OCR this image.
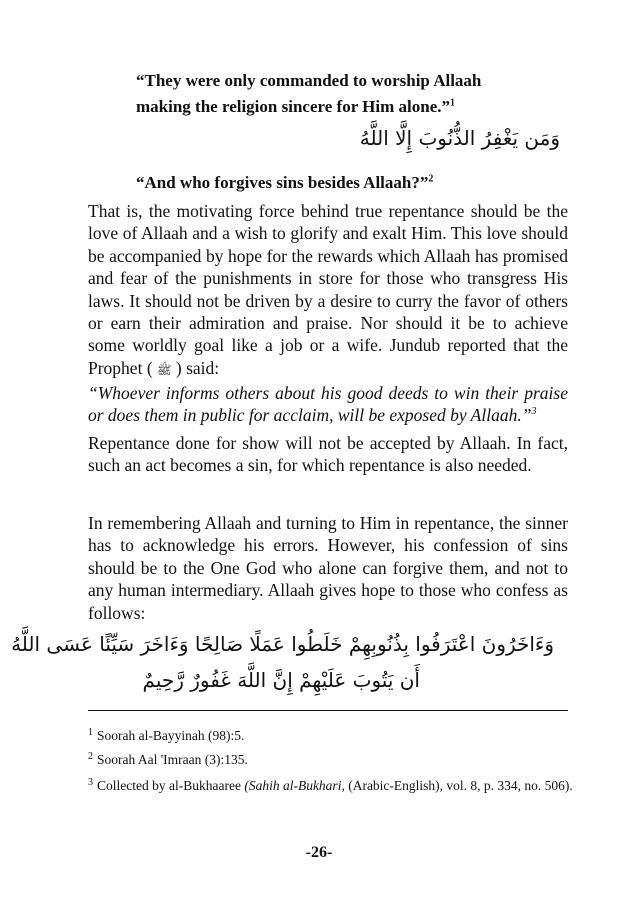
“They were only commanded to worship Allaah
making the religion sincere for Him alone.”$^1$

وَمَن يَغْفِرُ الذُّنُوبَ إِلَّا اللَّهُ

“And who forgives sins besides Allaah?”$^2$

That is, the motivating force behind true repentance should be the love of Allaah and a wish to glorify and exalt Him. This love should be accompanied by hope for the rewards which Allaah has promised and fear of the punishments in store for those who transgress His laws. It should not be driven by a desire to curry the favor of others or earn their admiration and praise. Nor should it be to achieve some worldly goal like a job or a wife. Jundub reported that the Prophet ( ﷺ ) said:

“Whoever informs others about his good deeds to win their praise or does them in public for acclaim, will be exposed by Allaah.”$^3$

Repentance done for show will not be accepted by Allaah. In fact, such an act becomes a sin, for which repentance is also needed.

In remembering Allaah and turning to Him in repentance, the sinner has to acknowledge his errors. However, his confession of sins should be to the One God who alone can forgive them, and not to any human intermediary. Allaah gives hope to those who confess as follows:

وَءَاخَرُونَ اعْتَرَفُوا بِذُنُوبِهِمْ خَلَطُوا عَمَلًا صَالِحًا وَءَاخَرَ سَيِّئًا عَسَى اللَّهُ

أَن يَتُوبَ عَلَيْهِمْ إِنَّ اللَّهَ غَفُورٌ رَّحِيمٌ

$^1$ Soorah al-Bayyinah (98):5.

$^2$ Soorah Aal 'Imraan (3):135.

$^3$ Collected by al-Bukhaaree (Sahih al-Bukhari, (Arabic-English), vol. 8, p. 334, no. 506).

-26-
